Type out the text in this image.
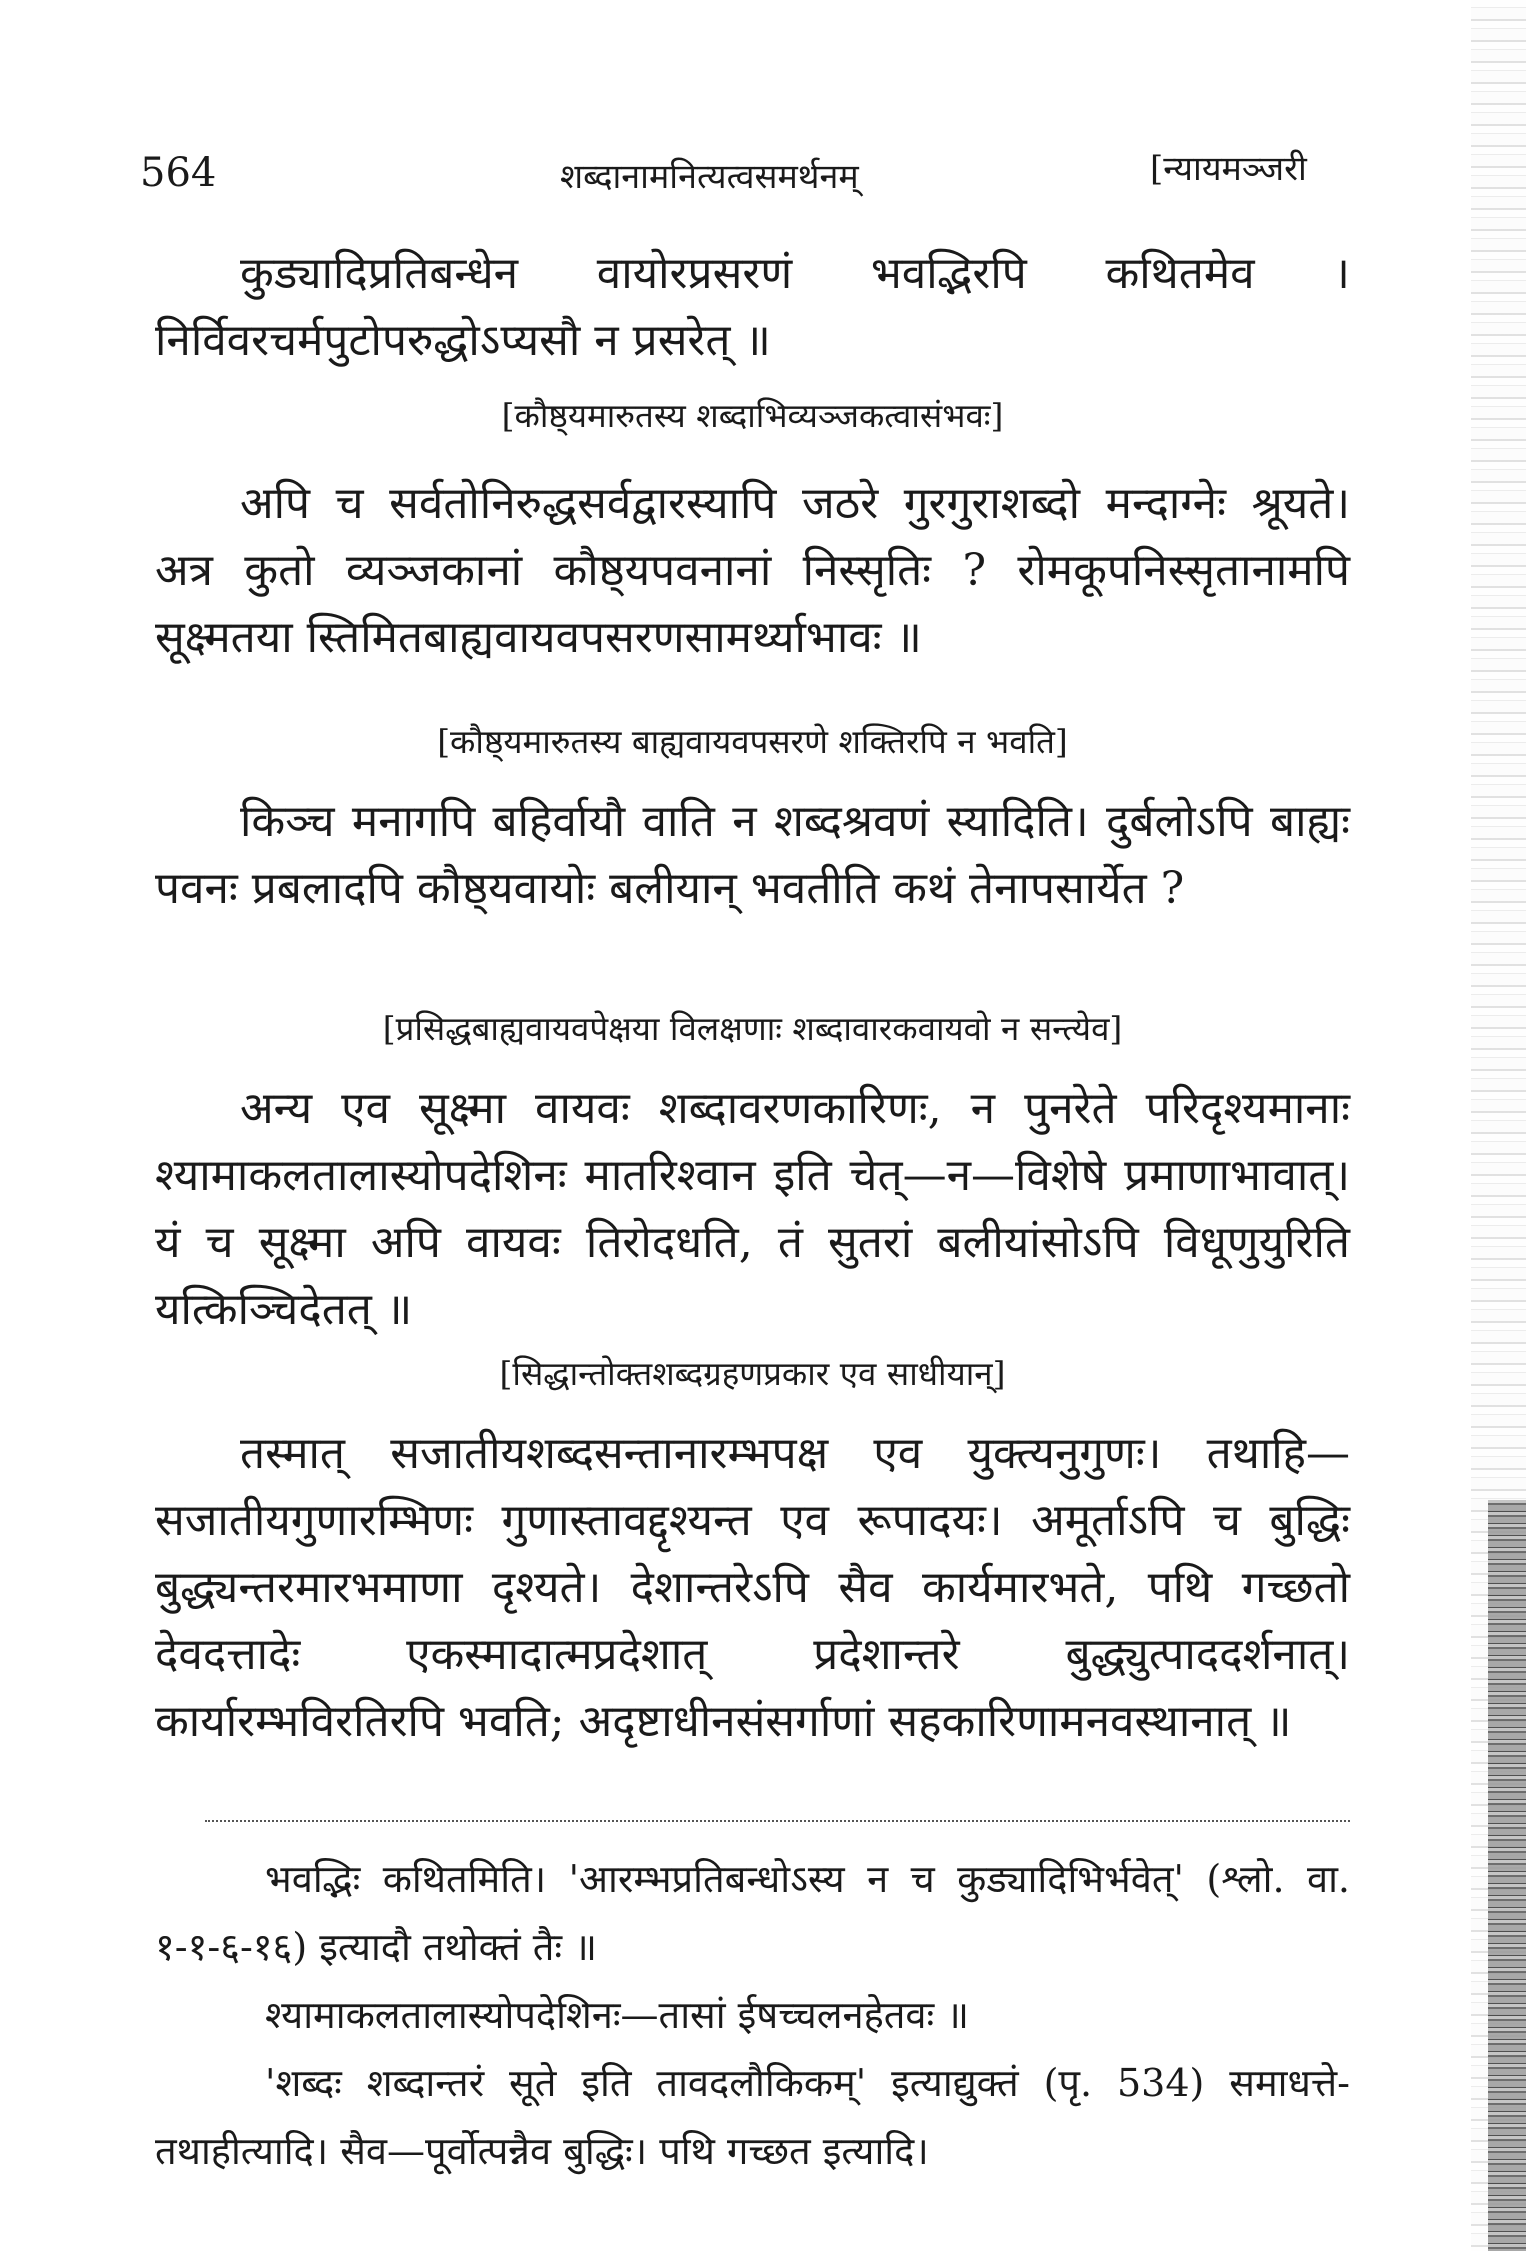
564	शब्दानामनित्यत्वसमर्थनम्	[न्यायमञ्जरी

कुड्यादिप्रतिबन्धेन वायोरप्रसरणं भवद्भिरपि कथितमेव । निर्विवरचर्मपुटोपरुद्धोऽप्यसौ न प्रसरेत् ॥

[कौष्ठ्यमारुतस्य शब्दाभिव्यञ्जकत्वासंभवः]

अपि च सर्वतोनिरुद्धसर्वद्वारस्यापि जठरे गुरगुराशब्दो मन्दाग्नेः श्रूयते। अत्र कुतो व्यञ्जकानां कौष्ठ्यपवनानां निस्सृतिः ? रोमकूपनिस्सृतानामपि सूक्ष्मतया स्तिमितबाह्यवायवपसरणसामर्थ्याभावः ॥

[कौष्ठ्यमारुतस्य बाह्यवायवपसरणे शक्तिरपि न भवति]

किञ्च मनागपि बहिर्वायौ वाति न शब्दश्रवणं स्यादिति। दुर्बलोऽपि बाह्यः पवनः प्रबलादपि कौष्ठ्यवायोः बलीयान् भवतीति कथं तेनापसार्येत ?

[प्रसिद्धबाह्यवायवपेक्षया विलक्षणाः शब्दावारकवायवो न सन्त्येव]

अन्य एव सूक्ष्मा वायवः शब्दावरणकारिणः, न पुनरेते परिदृश्यमानाः श्यामाकलतालास्योपदेशिनः मातरिश्वान इति चेत्—न—विशेषे प्रमाणाभावात्। यं च सूक्ष्मा अपि वायवः तिरोदधति, तं सुतरां बलीयांसोऽपि विधूणुयुरिति यत्किञ्चिदेतत् ॥

[सिद्धान्तोक्तशब्दग्रहणप्रकार एव साधीयान्]

तस्मात् सजातीयशब्दसन्तानारम्भपक्ष एव युक्त्यनुगुणः। तथाहि—सजातीयगुणारम्भिणः गुणास्तावद्दृश्यन्त एव रूपादयः। अमूर्ताऽपि च बुद्धिः बुद्ध्यन्तरमारभमाणा दृश्यते। देशान्तरेऽपि सैव कार्यमारभते, पथि गच्छतो देवदत्तादेः एकस्मादात्मप्रदेशात् प्रदेशान्तरे बुद्ध्युत्पाददर्शनात्। कार्यारम्भविरतिरपि भवति; अदृष्टाधीनसंसर्गाणां सहकारिणामनवस्थानात् ॥

भवद्भिः कथितमिति। 'आरम्भप्रतिबन्धोऽस्य न च कुड्यादिभिर्भवेत्' (श्लो. वा. १-१-६-१६) इत्यादौ तथोक्तं तैः ॥

श्यामाकलतालास्योपदेशिनः—तासां ईषच्चलनहेतवः ॥

'शब्दः शब्दान्तरं सूते इति तावदलौकिकम्' इत्याद्युक्तं (पृ. 534) समाधत्ते-तथाहीत्यादि। सैव—पूर्वोत्पन्नैव बुद्धिः। पथि गच्छत इत्यादि।
